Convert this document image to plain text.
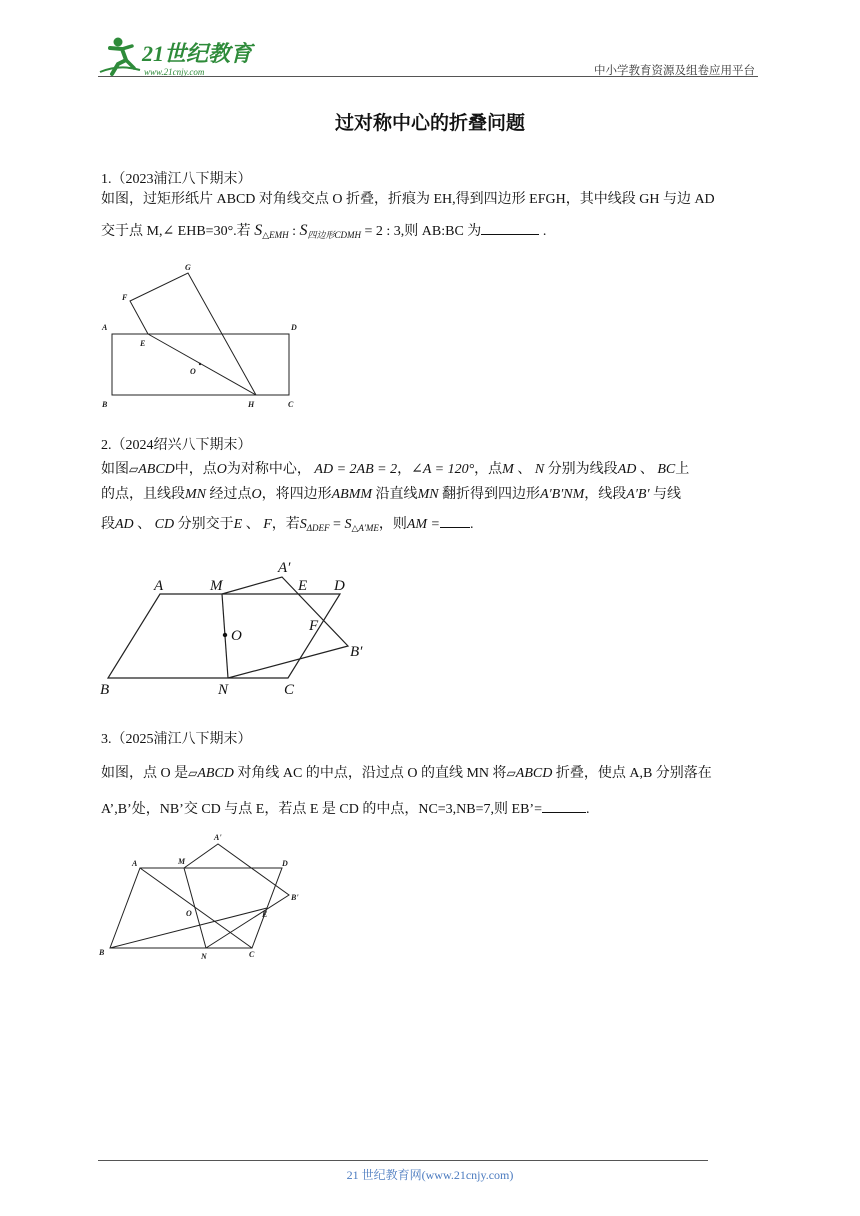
21世纪教育
www.21cnjy.com	中小学教育资源及组卷应用平台
过对称中心的折叠问题
1.（2023浦江八下期末）
如图，过矩形纸片 ABCD 对角线交点 O 折叠，折痕为 EH,得到四边形 EFGH，其中线段 GH 与边 AD
交于点 M,∠ EHB=30°.若 $S_{\triangle EMH}$ : $S_{四边形CDMH} = 2$ : 3,则 AB:BC 为	.
A	D
B	C
E
F
G
H
O
2.（2024绍兴八下期末）
如图▱ABCD中，点O为对称中心， AD = 2AB = 2，∠A = 120°，点M 、 N 分别为线段AD 、 BC上
的点，且线段MN 经过点O，将四边形ABMM 沿直线MN 翻折得到四边形A′B′NM，线段A′B′ 与线
段AD 、 CD 分别交于E 、 F，若$S_{\Delta DEF} = S_{\triangle A'ME}$，则AM = .
A	M
A′
E D
O
F
B′
B	N	C
3.（2025浦江八下期末）
如图，点 O 是▱ABCD 对角线 AC 的中点，沿过点 O 的直线 MN 将▱ABCD 折叠，使点 A,B 分别落在
A’,B’处，NB’交 CD 与点 E，若点 E 是 CD 的中点，NC=3,NB=7,则 EB’=	.
A	M
A'
D
B'
O	E
B	N	C
21 世纪教育网(www.21cnjy.com)
